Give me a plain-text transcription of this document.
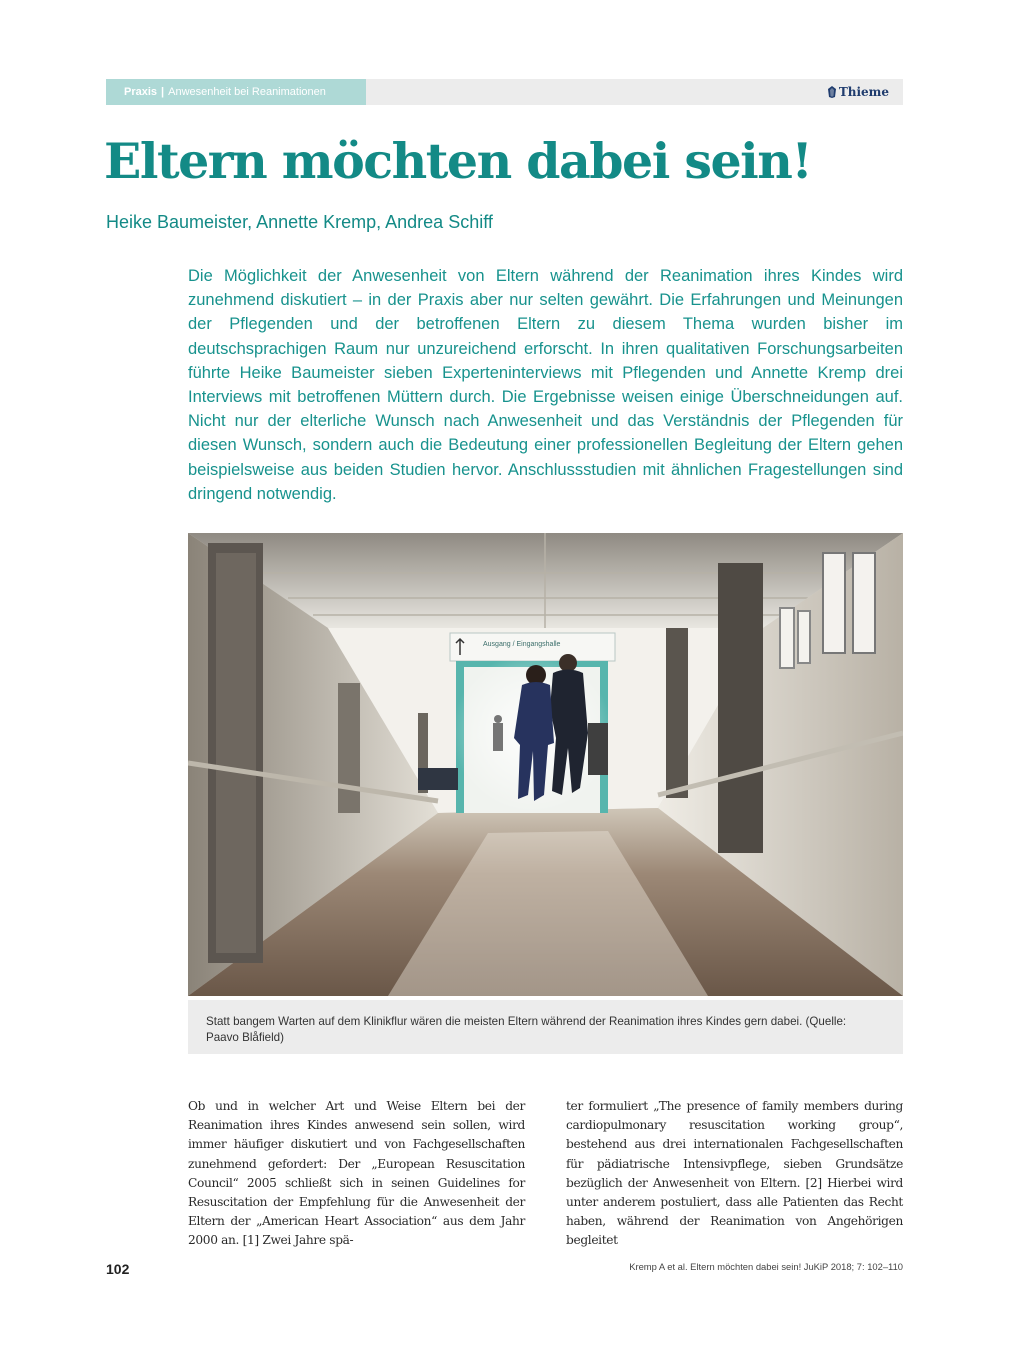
Praxis | Anwesenheit bei Reanimationen	Thieme
Eltern möchten dabei sein!
Heike Baumeister, Annette Kremp, Andrea Schiff

Die Möglichkeit der Anwesenheit von Eltern während der Reanimation ihres Kindes wird zunehmend diskutiert – in der Praxis aber nur selten gewährt. Die Erfahrungen und Meinungen der Pflegenden und der betroffenen Eltern zu diesem Thema wurden bisher im deutschsprachigen Raum nur unzureichend erforscht. In ihren qualitativen Forschungsarbeiten führte Heike Baumeister sieben Experteninterviews mit Pflegenden und Annette Kremp drei Interviews mit betroffenen Müttern durch. Die Ergebnisse weisen einige Überschneidungen auf. Nicht nur der elterliche Wunsch nach Anwesenheit und das Verständnis der Pflegenden für diesen Wunsch, sondern auch die Bedeutung einer professionellen Begleitung der Eltern gehen beispielsweise aus beiden Studien hervor. Anschlussstudien mit ähnlichen Fragestellungen sind dringend notwendig.

Ausgang / Eingangshalle
Statt bangem Warten auf dem Klinikflur wären die meisten Eltern während der Reanimation ihres Kindes gern dabei. (Quelle: Paavo Blåfield)

Ob und in welcher Art und Weise Eltern bei der Reanimation ihres Kindes anwesend sein sollen, wird immer häufiger diskutiert und von Fachgesellschaften zunehmend gefordert: Der „European Resuscitation Council“ 2005 schließt sich in seinen Guidelines for Resuscitation der Empfehlung für die Anwesenheit der Eltern der „American Heart Association“ aus dem Jahr 2000 an. [1] Zwei Jahre spä-

ter formuliert „The presence of family members during cardiopulmonary resuscitation working group“, bestehend aus drei internationalen Fachgesellschaften für pädiatrische Intensivpflege, sieben Grundsätze bezüglich der Anwesenheit von Eltern. [2] Hierbei wird unter anderem postuliert, dass alle Patienten das Recht haben, während der Reanimation von Angehörigen begleitet

102	Kremp A et al. Eltern möchten dabei sein! JuKiP 2018; 7: 102–110
